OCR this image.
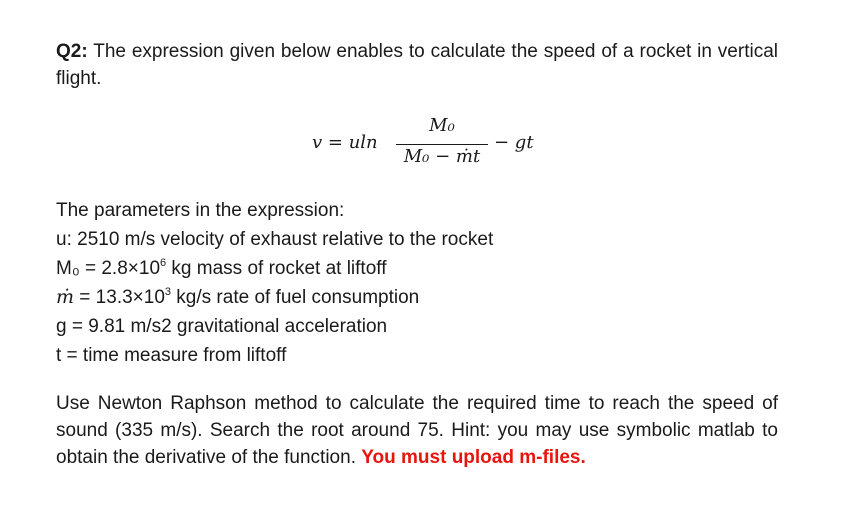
Q2: The expression given below enables to calculate the speed of a rocket in vertical flight.

v = uln
M₀
M₀ − ṁt
− gt
The parameters in the expression:
u: 2510 m/s velocity of exhaust relative to the rocket
$M_0 = 2.8\times 10^6$ kg mass of rocket at liftoff
ṁ = $13.3\times 10^3$ kg/s rate of fuel consumption
g = 9.81 m/s2 gravitational acceleration
t = time measure from liftoff

Use Newton Raphson method to calculate the required time to reach the speed of sound (335 m/s). Search the root around 75. Hint: you may use symbolic matlab to obtain the derivative of the function. You must upload m-files.
